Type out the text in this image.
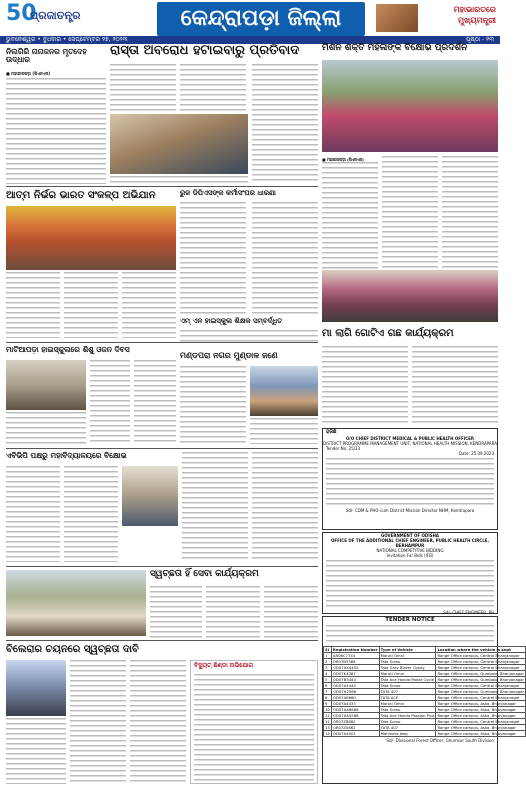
50
ପ୍ରଜାତନ୍ତ୍ର	କେନ୍ଦ୍ରାପଡ଼ା ଜିଲ୍ଲା	ମହାଭାରତରେ ମୁଖ୍ୟମନ୍ତ୍ରୀ
ଭୁବନେଶ୍ୱର • ବୁଧବାର • ସେପ୍ଟେମ୍ବର ୨୭, ୨୦୨୩	ପୃଷ୍ଠା - ୧୩
ନିଲଗିରି ନାନାଜନର ମୃତଦେହ ଉଦ୍ଧାର
■ ମହାକାଳପଡ଼ା (ପିଏନଏସ)
ରାସ୍ତା ଅବରୋଧ ହଟାଇବାରୁ ପ୍ରତିବାଦ	ମିଶନ ଶକ୍ତି ମହିଳାଙ୍କ ବିକ୍ଷୋଭ ପ୍ରଦର୍ଶନ
■ ମହାକାଳପଡ଼ା (ପିଏନଏସ)
ଆତ୍ମ ନିର୍ଭର ଭାରତ ସଂକଳ୍ପ ଅଭିଯାନ	ରୁଜ ଡିପିଏସଙ୍କ କର୍ମୀସଂଘର ଧାରଣା
ଏମ୍‌ ଏନ ହାଇସ୍କୁଲ ଶିକ୍ଷକ ସମ୍ବର୍ଦ୍ଧିତ
ମାଟିଆପଡ଼ା ହାଇସ୍କୁଲରେ ଶିଶୁ ଓଜନ ଦିବସ
ମଣ୍ଡପରା ନଗର ମୁଣ୍ଡାଳ ଜଣେ
ମା ଲାଗି ଗୋଟିଏ ଗଛ କାର୍ଯ୍ୟକ୍ରମ
ହଜିଛି
O/O CHIEF DISTRICT MEDICAL & PUBLIC HEALTH OFFICER
DISTRICT PROGRAMME MANAGEMENT UNIT, NATIONAL HEALTH MISSION, KENDRAPARA
Tender No. 25/23
Date: 25.09.2023
Sd/- CDM & PHO-cum District Mission Director NHM, Kendrapara
ଏବିଭିପି ପକ୍ଷରୁ ମହାବିଦ୍ୟାଳୟରେ ବିକ୍ଷୋଭ
GOVERNMENT OF ODISHA
OFFICE OF THE ADDITIONAL CHIEF ENGINEER, PUBLIC HEALTH CIRCLE, BERHAMPUR
NATIONAL COMPETITIVE BIDDING
Invitation For Bids (IFB)
Sd/- CHIEF ENGINEER, PH
ସ୍ୱଚ୍ଛତା ହିଁ ସେବା କାର୍ଯ୍ୟକ୍ରମ
ବିଲେରାର ଚୟନରେ ସ୍ୱଚ୍ଛତା ଦାବି
ବିଦ୍ୟୁତ୍‌ ଛିଣ୍ଡା ଅଭିଯୋଗ
TENDER NOTICE
Sl	Registration Number	Type of Vehicle	Location where the vehicle is kept
1	AR06C7744	Maruti Omni	Range Office campus, Central Bhanjanagar
2	OR07B3366	Tata Sumo	Range Office campus, Central Bhanjanagar
3	OD07AX4452	Tata Grey Blazer Gypsy	Range Office campus, Central Bhanjanagar
4	OD07K4387	Maruti Omni	Range Office campus, Gumbalo, Bhanjanagar
5	OD07B3444	Tata Ace Honda Motor Cycle	Range Office campus, Gumbalo, Bhanjanagar
6	OD07A4444	Tata Sumo	Range Office campus, Central Bhanjanagar
7	OD07H2566	TATA 407	Range Office campus, Gumbalo, Bhanjanagar
8	OD07A6660	TATA ACE	Range Office campus, Central Bhanjanagar
9	OD07A4433	Maruti Omni	Range Office campus, Aska, Bhanjanagar
10	OD07AA6666	Tata Sumo	Range Office campus, Aska, Bhanjanagar
11	OD07AA5588	Tata Ace Honda Passion Plus	Range Office campus, Aska, Bhanjanagar
12	OR07Z8882	Tata Sumo	Range Office campus, Central Bhanjanagar
13	OR07Z0662	TATA 407	Range Office campus, Aska, Bhanjanagar
14	OD07A4001	Mahindra Jeep	Range Office campus, Aska, Bhanjanagar
Sd/- Divisional Forest Officer, Ghumsur South Division
